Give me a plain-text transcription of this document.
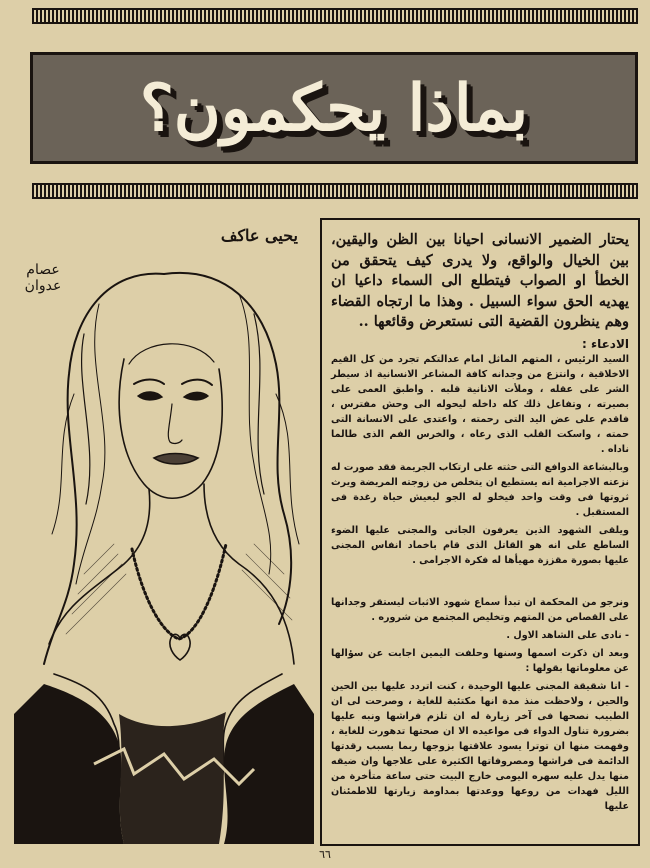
بماذا يحكمون؟
يحيى عاكف
عصام عدوان

يحتار الضمير الانسانى احيانا بين الظن واليقين، بين الخيال والواقع، ولا يدرى كيف يتحقق من الخطأ او الصواب فيتطلع الى السماء داعيا ان يهديه الحق سواء السبيل . وهذا ما ارتجاه القضاء وهم ينظرون القضية التى نستعرض وقائعها ..

الادعاء :

السيد الرئيس ، المتهم الماثل امام عدالتكم تجرد من كل القيم الاخلاقية ، وانتزع من وجدانه كافة المشاعر الانسانية اذ سيطر الشر على عقله ، وملأت الانانية قلبه . واطبق العمى على بصيرته ، وتفاعل ذلك كله داخله ليحوله الى وحش مفترس ، فاقدم على عض اليد التى رحمته ، واعتدى على الانسانة التى حمته ، واسكت القلب الذى رعاه ، والخرس الفم الذى طالما ناداه .

وبالبشاعة الدوافع التى حثته على ارتكاب الجريمة فقد صورت له نزعته الاجرامية انه يستطيع ان يتخلص من زوجته المريضة ويرث ثروتها فى وقت واحد فيخلو له الجو ليعيش حياة رغدة فى المستقبل .

ويلقى الشهود الذين يعرفون الجانى والمجنى عليها الضوء الساطع على انه هو القاتل الذى قام باخماد انفاس المجنى عليها بصورة مقززة مهيأها له فكرة الاجرامى .

ونرجو من المحكمة ان تبدأ سماع شهود الاثبات ليستقر وجدانها على القصاص من المتهم وتخليص المجتمع من شروره .

- نادى على الشاهد الاول .

وبعد ان ذكرت اسمها وسنها وحلفت اليمين اجابت عن سؤالها عن معلوماتها بقولها :

- انا شقيقة المجنى عليها الوحيدة ، كنت اتردد عليها بين الحين والحين ، ولاحظت منذ مدة انها مكتئبة للغاية ، وصرحت لى ان الطبيب نصحها فى آخر زيارة له ان تلزم فراشها ونبه عليها بضرورة تناول الدواء فى مواعيده الا ان صحتها تدهورت للغاية ، وفهمت منها ان توترا يسود علاقتها بزوجها ربما بسبب رقدتها الدائمة فى فراشها ومصروفاتها الكثيرة على علاجها وان ضيقه منها يدل عليه سهره اليومى خارج البيت حتى ساعة متأخرة من الليل فهدات من روعها ووعدتها بمداومة زيارتها للاطمئنان عليها

٦٦
